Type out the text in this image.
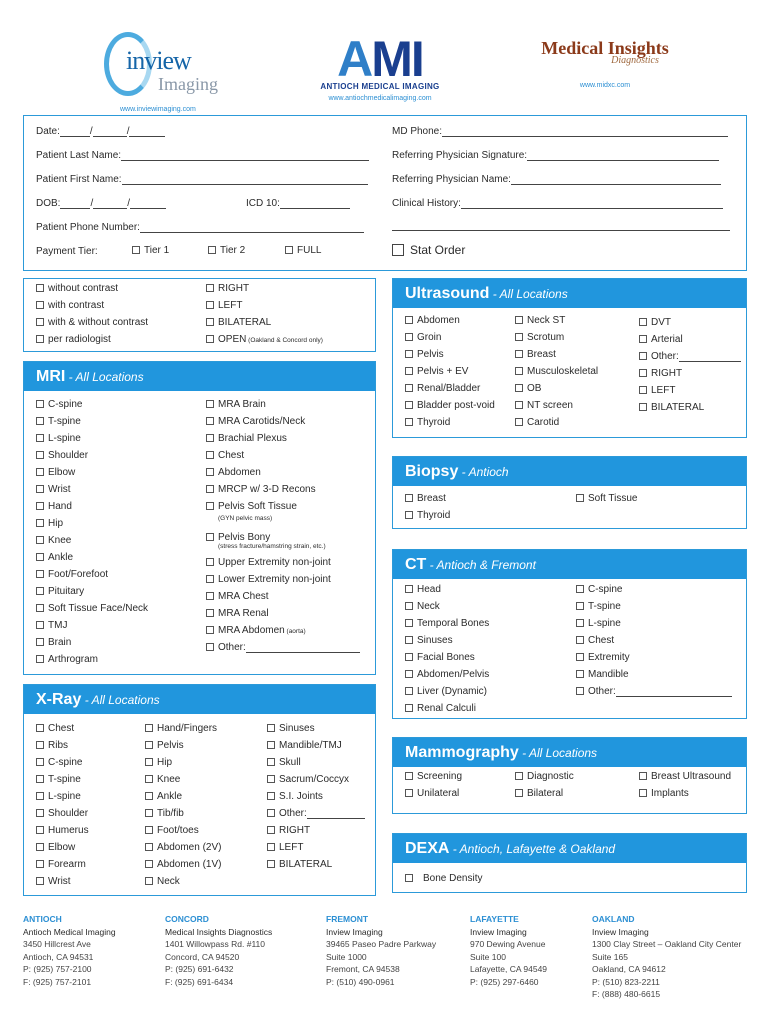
inview
Imaging
www.inviewimaging.com
AMI
ANTIOCH MEDICAL IMAGING
www.antiochmedicalimaging.com
Medical Insights
Diagnostics
www.midxc.com
Date:	/	/
Patient Last Name:
Patient First Name:
DOB:	/	/	ICD 10:
Patient Phone Number:
Payment Tier:	Tier 1	Tier 2	FULL
MD Phone:
Referring Physician Signature:
Referring Physician Name:
Clinical History:
Stat Order
without contrast
with contrast
with & without contrast
per radiologist
RIGHT
LEFT
BILATERAL
OPEN (Oakland & Concord only)
MRI - All Locations
C-spine
T-spine
L-spine
Shoulder
Elbow
Wrist
Hand
Hip
Knee
Ankle
Foot/Forefoot
Pituitary
Soft Tissue Face/Neck
TMJ
Brain
Arthrogram
MRA Brain
MRA Carotids/Neck
Brachial Plexus
Chest
Abdomen
MRCP w/ 3-D Recons
Pelvis Soft Tissue
Pelvis Bony
Upper Extremity non-joint
Lower Extremity non-joint
MRA Chest
MRA Renal
MRA Abdomen (aorta)
Other:
(GYN pelvic mass)
(stress fracture/hamstring strain, etc.)
X-Ray - All Locations
Chest
Ribs
C-spine
T-spine
L-spine
Shoulder
Humerus
Elbow
Forearm
Wrist
Hand/Fingers
Pelvis
Hip
Knee
Ankle
Tib/fib
Foot/toes
Abdomen (2V)
Abdomen (1V)
Neck
Sinuses
Mandible/TMJ
Skull
Sacrum/Coccyx
S.I. Joints
Other:
RIGHT
LEFT
BILATERAL
Ultrasound - All Locations
Abdomen
Groin
Pelvis
Pelvis + EV
Renal/Bladder
Bladder post-void
Thyroid
Neck ST
Scrotum
Breast
Musculoskeletal
OB
NT screen
Carotid
DVT
Arterial
Other:
RIGHT
LEFT
BILATERAL
Biopsy - Antioch
Breast
Thyroid
Soft Tissue
CT - Antioch & Fremont
Head
Neck
Temporal Bones
Sinuses
Facial Bones
Abdomen/Pelvis
Liver (Dynamic)
Renal Calculi
C-spine
T-spine
L-spine
Chest
Extremity
Mandible
Other:
Mammography - All Locations
Screening
Unilateral
Diagnostic
Bilateral
Breast Ultrasound
Implants
DEXA - Antioch, Lafayette & Oakland
Bone Density
ANTIOCH
Antioch Medical Imaging
3450 Hillcrest Ave
Antioch, CA 94531
P: (925) 757-2100
F: (925) 757-2101
CONCORD
Medical Insights Diagnostics
1401 Willowpass Rd. #110
Concord, CA 94520
P: (925) 691-6432
F: (925) 691-6434
FREMONT
Inview Imaging
39465 Paseo Padre Parkway
Suite 1000
Fremont, CA 94538
P: (510) 490-0961
LAFAYETTE
Inview Imaging
970 Dewing Avenue
Suite 100
Lafayette, CA 94549
P: (925) 297-6460
OAKLAND
Inview Imaging
1300 Clay Street – Oakland City Center
Suite 165
Oakland, CA 94612
P: (510) 823-2211
F: (888) 480-6615
